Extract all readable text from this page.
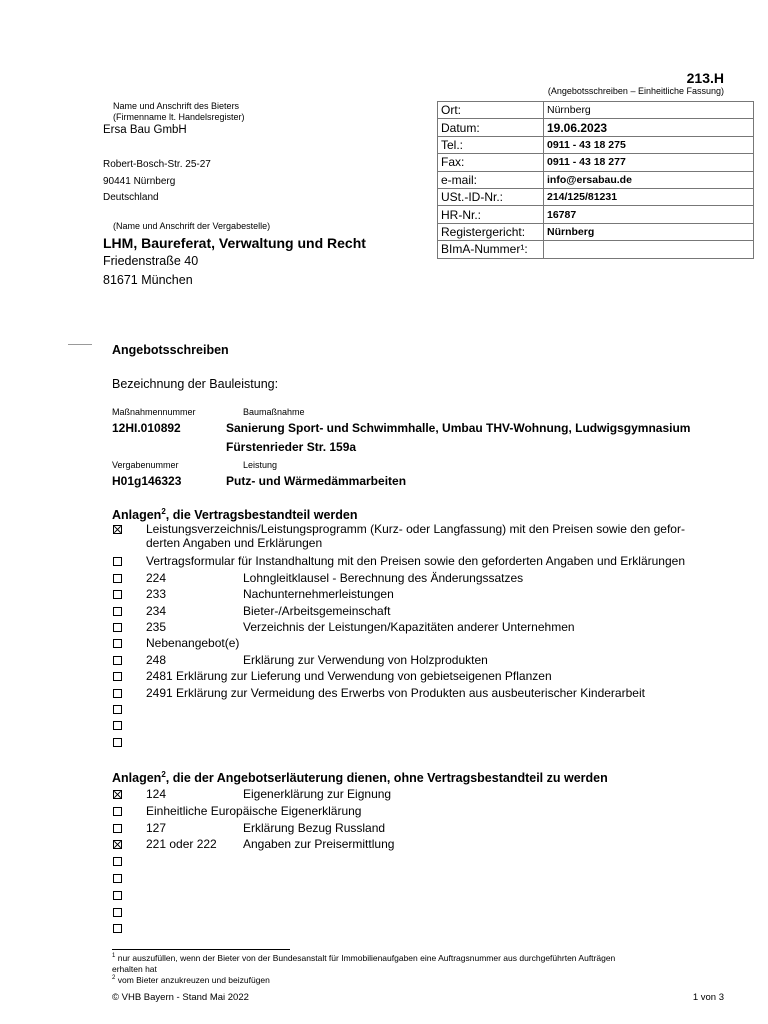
213.H
(Angebotsschreiben – Einheitliche Fassung)
Name und Anschrift des Bieters
(Firmenname lt. Handelsregister)
Ersa Bau GmbH
Robert-Bosch-Str. 25-27
90441 Nürnberg
Deutschland
(Name und Anschrift der Vergabestelle)
LHM, Baureferat, Verwaltung und Recht
Friedenstraße 40
81671 München
Ort:	Nürnberg
Datum:	19.06.2023
Tel.:	0911 - 43 18 275
Fax:	0911 - 43 18 277
e-mail:	info@ersabau.de
USt.-ID-Nr.:	214/125/81231
HR-Nr.:	16787
Registergericht:	Nürnberg
BImA-Nummer¹:	
Angebotsschreiben
Bezeichnung der Bauleistung:
Maßnahmennummer	Baumaßnahme
12HI.010892	Sanierung Sport- und Schwimmhalle, Umbau THV-Wohnung, Ludwigsgymnasium
Fürstenrieder Str. 159a
Vergabenummer	Leistung
H01g146323	Putz- und Wärmedämmarbeiten
Anlagen$^2$, die Vertragsbestandteil werden
Leistungsverzeichnis/Leistungsprogramm (Kurz- oder Langfassung) mit den Preisen sowie den gefor-
derten Angaben und Erklärungen
Vertragsformular für Instandhaltung mit den Preisen sowie den geforderten Angaben und Erklärungen
224	Lohngleitklausel - Berechnung des Änderungssatzes
233	Nachunternehmerleistungen
234	Bieter-/Arbeitsgemeinschaft
235	Verzeichnis der Leistungen/Kapazitäten anderer Unternehmen
Nebenangebot(e)
248	Erklärung zur Verwendung von Holzprodukten
2481 Erklärung zur Lieferung und Verwendung von gebietseigenen Pflanzen
2491 Erklärung zur Vermeidung des Erwerbs von Produkten aus ausbeuterischer Kinderarbeit
Anlagen$^2$, die der Angebotserläuterung dienen, ohne Vertragsbestandteil zu werden
124	Eigenerklärung zur Eignung
Einheitliche Europäische Eigenerklärung
127	Erklärung Bezug Russland
221 oder 222 Angaben zur Preisermittlung
$^1$ nur auszufüllen, wenn der Bieter von der Bundesanstalt für Immobilienaufgaben eine Auftragsnummer aus durchgeführten Aufträgen
erhalten hat
$^2$ vom Bieter anzukreuzen und beizufügen
© VHB Bayern - Stand Mai 2022	1 von 3
